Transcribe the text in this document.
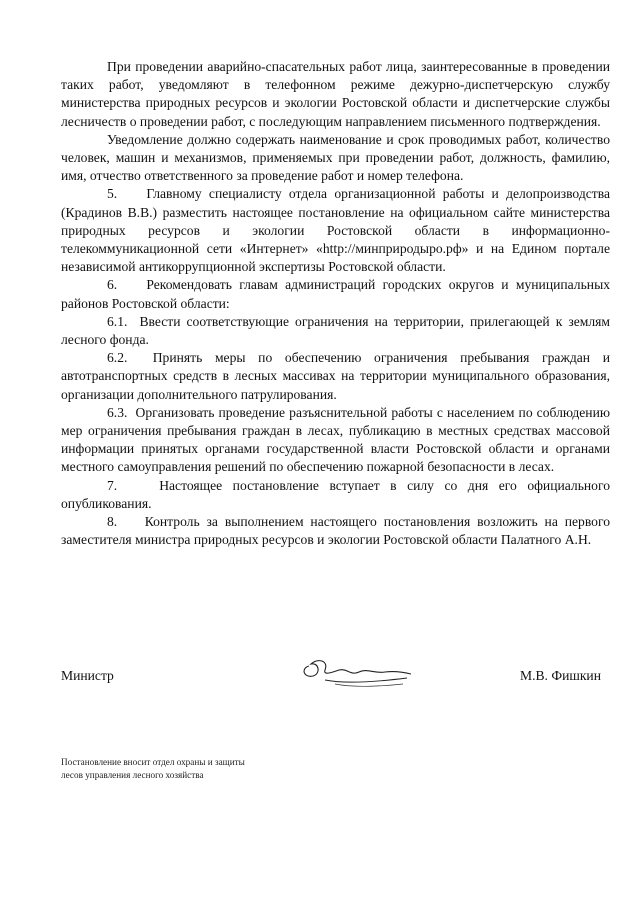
При проведении аварийно-спасательных работ лица, заинтересованные в проведении таких работ, уведомляют в телефонном режиме дежурно-диспетчерскую службу министерства природных ресурсов и экологии Ростовской области и диспетчерские службы лесничеств о проведении работ, с последующим направлением письменного подтверждения.

Уведомление должно содержать наименование и срок проводимых работ, количество человек, машин и механизмов, применяемых при проведении работ, должность, фамилию, имя, отчество ответственного за проведение работ и номер телефона.

5.    Главному специалисту отдела организационной работы и делопроизводства (Крадинов В.В.) разместить настоящее постановление на официальном сайте министерства природных ресурсов и экологии Ростовской области в информационно-телекоммуникационной сети «Интернет» «http://минприродыро.рф» и на Едином портале независимой антикоррупционной экспертизы Ростовской области.

6.    Рекомендовать главам администраций городских округов и муниципальных районов Ростовской области:

6.1.  Ввести соответствующие ограничения на территории, прилегающей к землям лесного фонда.

6.2.  Принять меры по обеспечению ограничения пребывания граждан и автотранспортных средств в лесных массивах на территории муниципального образования, организации дополнительного патрулирования.

6.3.  Организовать проведение разъяснительной работы с населением по соблюдению мер ограничения пребывания граждан в лесах, публикацию в местных средствах массовой информации принятых органами государственной власти Ростовской области и органами местного самоуправления решений по обеспечению пожарной безопасности в лесах.

7.    Настоящее постановление вступает в силу со дня его официального опубликования.

8.    Контроль за выполнением настоящего постановления возложить на первого заместителя министра природных ресурсов и экологии Ростовской области Палатного А.Н.

Министр	М.В. Фишкин
Постановление вносит отдел охраны и защиты
лесов управления лесного хозяйства
